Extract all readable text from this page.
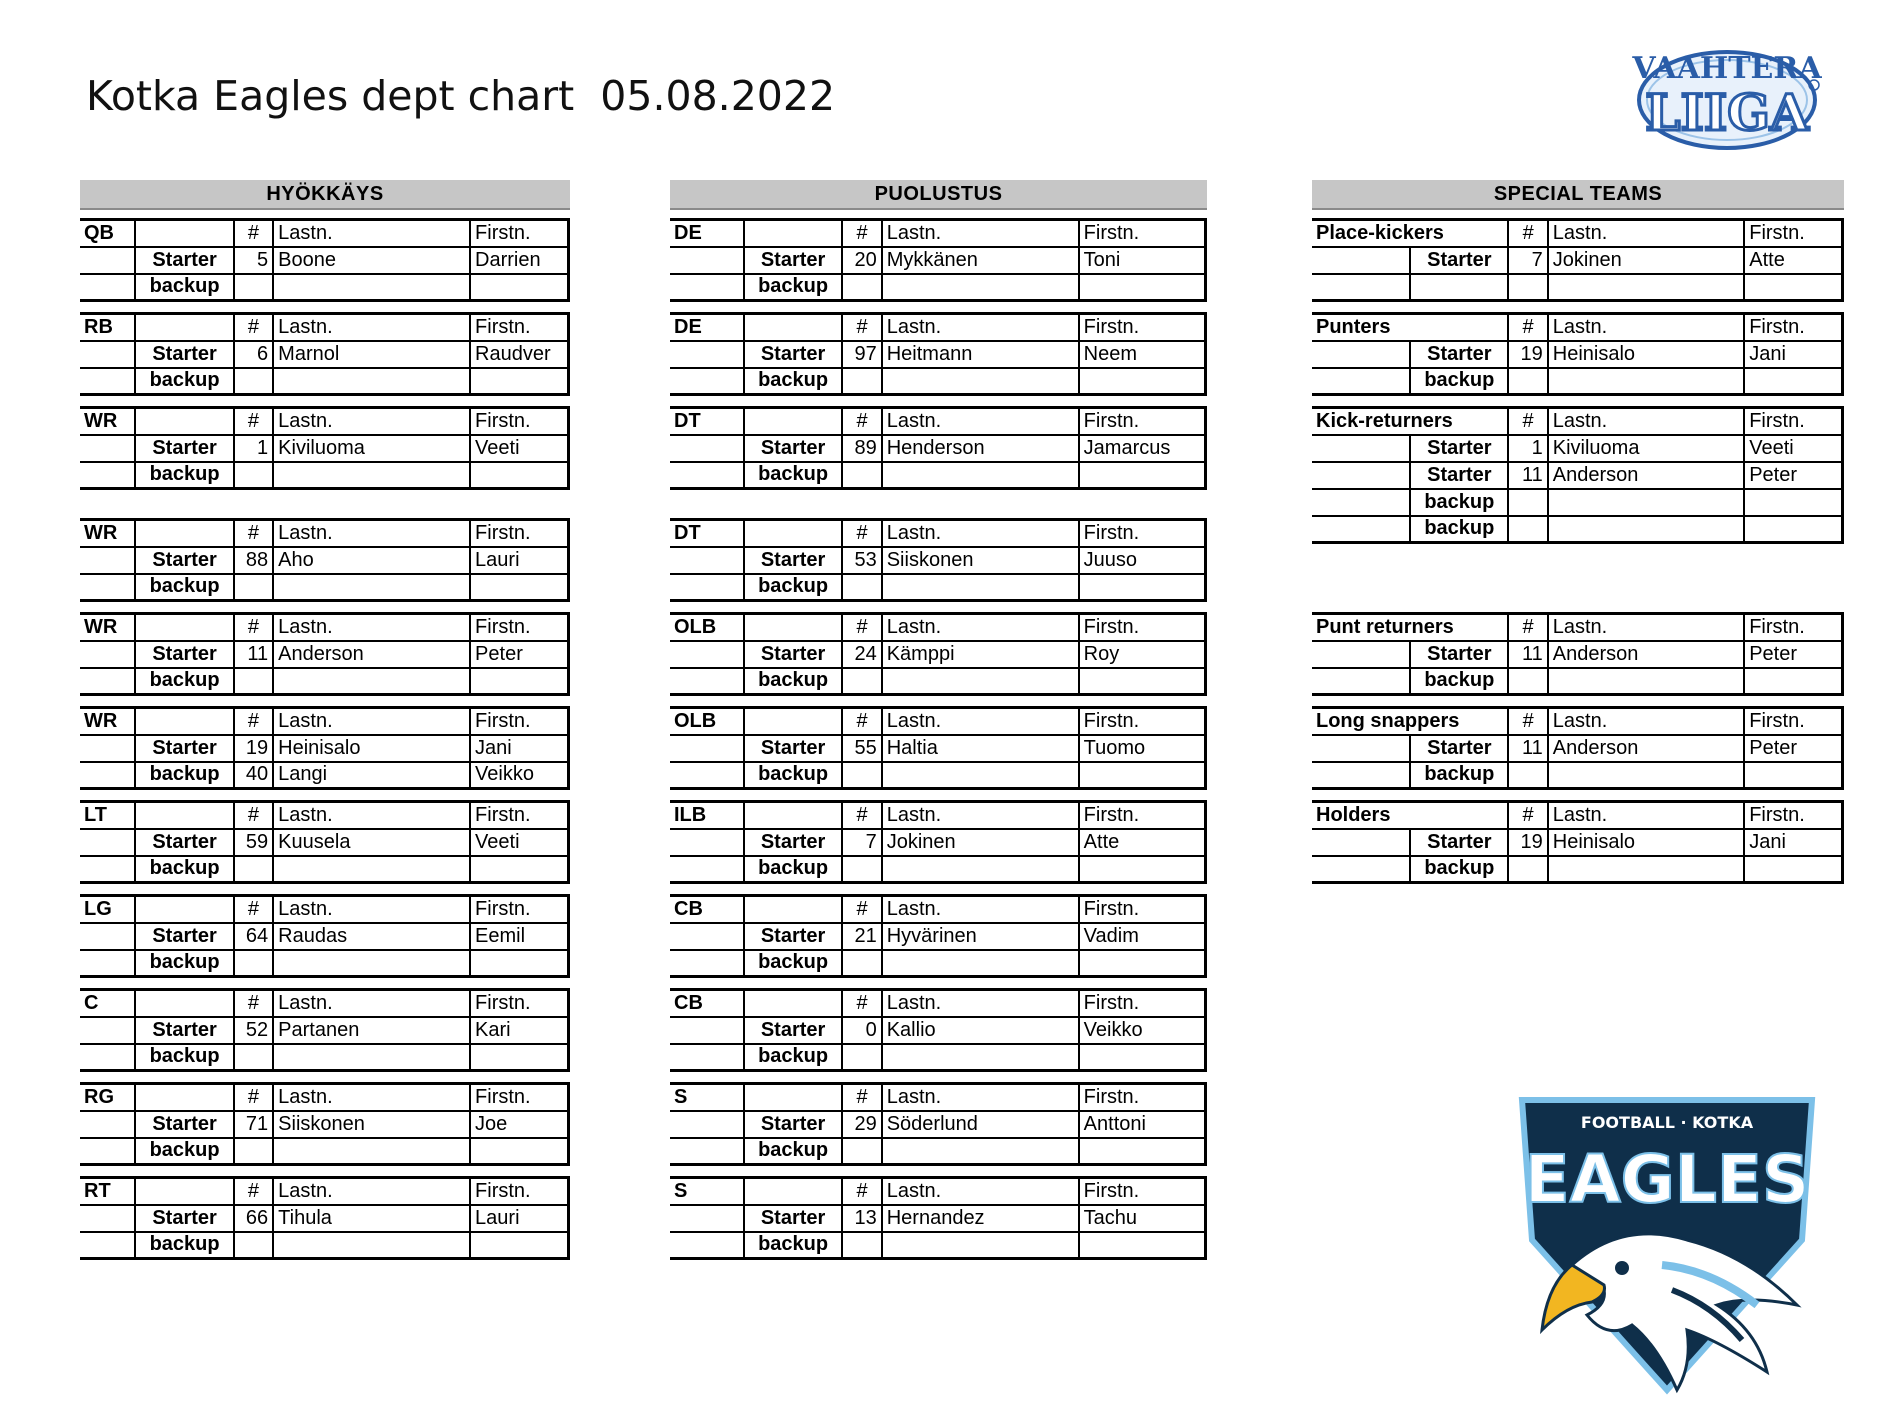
Kotka Eagles dept chart  05.08.2022
VAAHTERA
LIIGA
HYÖKKÄYS
QB		#	Lastn.	Firstn.
	Starter	5	Boone	Darrien
	backup			
RB		#	Lastn.	Firstn.
	Starter	6	Marnol	Raudver
	backup			
WR		#	Lastn.	Firstn.
	Starter	1	Kiviluoma	Veeti
	backup			
WR		#	Lastn.	Firstn.
	Starter	88	Aho	Lauri
	backup			
WR		#	Lastn.	Firstn.
	Starter	11	Anderson	Peter
	backup			
WR		#	Lastn.	Firstn.
	Starter	19	Heinisalo	Jani
	backup	40	Langi	Veikko
LT		#	Lastn.	Firstn.
	Starter	59	Kuusela	Veeti
	backup			
LG		#	Lastn.	Firstn.
	Starter	64	Raudas	Eemil
	backup			
C		#	Lastn.	Firstn.
	Starter	52	Partanen	Kari
	backup			
RG		#	Lastn.	Firstn.
	Starter	71	Siiskonen	Joe
	backup			
RT		#	Lastn.	Firstn.
	Starter	66	Tihula	Lauri
	backup			
PUOLUSTUS
DE		#	Lastn.	Firstn.
	Starter	20	Mykkänen	Toni
	backup			
DE		#	Lastn.	Firstn.
	Starter	97	Heitmann	Neem
	backup			
DT		#	Lastn.	Firstn.
	Starter	89	Henderson	Jamarcus
	backup			
DT		#	Lastn.	Firstn.
	Starter	53	Siiskonen	Juuso
	backup			
OLB		#	Lastn.	Firstn.
	Starter	24	Kämppi	Roy
	backup			
OLB		#	Lastn.	Firstn.
	Starter	55	Haltia	Tuomo
	backup			
ILB		#	Lastn.	Firstn.
	Starter	7	Jokinen	Atte
	backup			
CB		#	Lastn.	Firstn.
	Starter	21	Hyvärinen	Vadim
	backup			
CB		#	Lastn.	Firstn.
	Starter	0	Kallio	Veikko
	backup			
S		#	Lastn.	Firstn.
	Starter	29	Söderlund	Anttoni
	backup			
S		#	Lastn.	Firstn.
	Starter	13	Hernandez	Tachu
	backup			
SPECIAL TEAMS
Place-kickers		#	Lastn.	Firstn.
	Starter	7	Jokinen	Atte

Punters		#	Lastn.	Firstn.
	Starter	19	Heinisalo	Jani
	backup			
Kick-returners		#	Lastn.	Firstn.
	Starter	1	Kiviluoma	Veeti
	Starter	11	Anderson	Peter
	backup			
	backup			
Punt returners		#	Lastn.	Firstn.
	Starter	11	Anderson	Peter
	backup			
Long snappers		#	Lastn.	Firstn.
	Starter	11	Anderson	Peter
	backup			
Holders		#	Lastn.	Firstn.
	Starter	19	Heinisalo	Jani
	backup			
FOOTBALL · KOTKA
EAGLES
